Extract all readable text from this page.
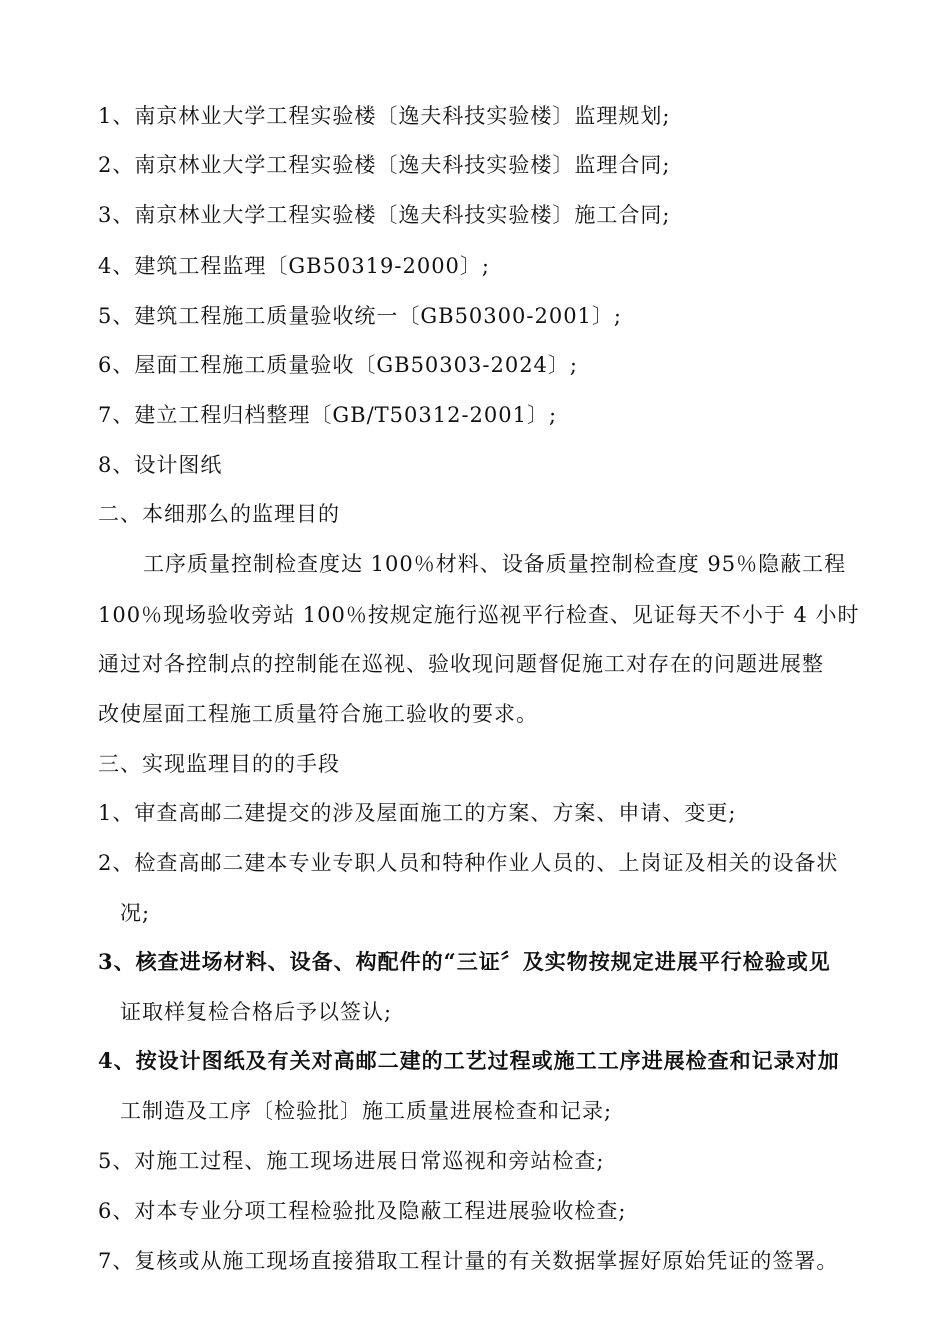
1、南京林业大学工程实验楼〔逸夫科技实验楼〕监理规划;
2、南京林业大学工程实验楼〔逸夫科技实验楼〕监理合同;
3、南京林业大学工程实验楼〔逸夫科技实验楼〕施工合同;
4、建筑工程监理〔GB50319-2000〕;
5、建筑工程施工质量验收统一〔GB50300-2001〕;
6、屋面工程施工质量验收〔GB50303-2024〕;
7、建立工程归档整理〔GB/T50312-2001〕;
8、设计图纸
二、本细那么的监理目的
工序质量控制检查度达 100％材料、设备质量控制检查度 95％隐蔽工程
100％现场验收旁站 100％按规定施行巡视平行检查、见证每天不小于 4 小时
通过对各控制点的控制能在巡视、验收现问题督促施工对存在的问题进展整
改使屋面工程施工质量符合施工验收的要求。
三、实现监理目的的手段
1、审查高邮二建提交的涉及屋面施工的方案、方案、申请、变更;
2、检查高邮二建本专业专职人员和特种作业人员的、上岗证及相关的设备状
况;
3、核查进场材料、设备、构配件的“三证〞及实物按规定进展平行检验或见
证取样复检合格后予以签认;
4、按设计图纸及有关对高邮二建的工艺过程或施工工序进展检查和记录对加
工制造及工序〔检验批〕施工质量进展检查和记录;
5、对施工过程、施工现场进展日常巡视和旁站检查;
6、对本专业分项工程检验批及隐蔽工程进展验收检查;
7、复核或从施工现场直接猎取工程计量的有关数据掌握好原始凭证的签署。
